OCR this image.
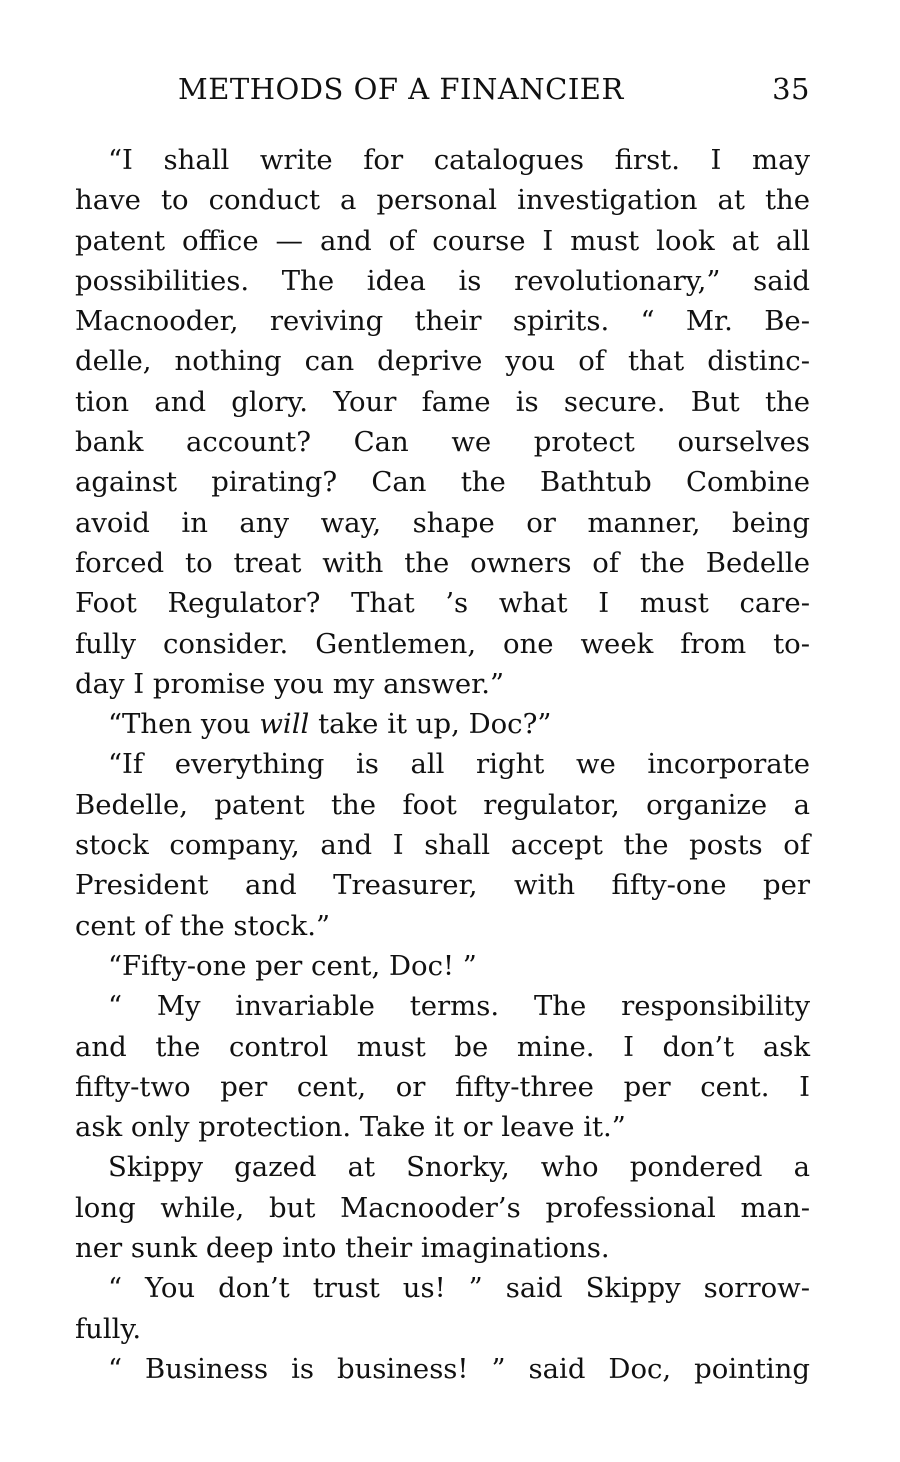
METHODS OF A FINANCIER	35
“I shall write for catalogues first. I may
have to conduct a personal investigation at the
patent office — and of course I must look at all
possibilities. The idea is revolutionary,” said
Macnooder, reviving their spirits. “ Mr. Be-
delle, nothing can deprive you of that distinc-
tion and glory. Your fame is secure. But the
bank account? Can we protect ourselves
against pirating? Can the Bathtub Combine
avoid in any way, shape or manner, being
forced to treat with the owners of the Bedelle
Foot Regulator? That ’s what I must care-
fully consider. Gentlemen, one week from to-
day I promise you my answer.”
“Then you will take it up, Doc?”
“If everything is all right we incorporate
Bedelle, patent the foot regulator, organize a
stock company, and I shall accept the posts of
President and Treasurer, with fifty-one per
cent of the stock.”
“Fifty-one per cent, Doc! ”
“ My invariable terms. The responsibility
and the control must be mine. I don’t ask
fifty-two per cent, or fifty-three per cent. I
ask only protection. Take it or leave it.”
Skippy gazed at Snorky, who pondered a
long while, but Macnooder’s professional man-
ner sunk deep into their imaginations.
“ You don’t trust us! ” said Skippy sorrow-
fully.
“ Business is business! ” said Doc, pointing
